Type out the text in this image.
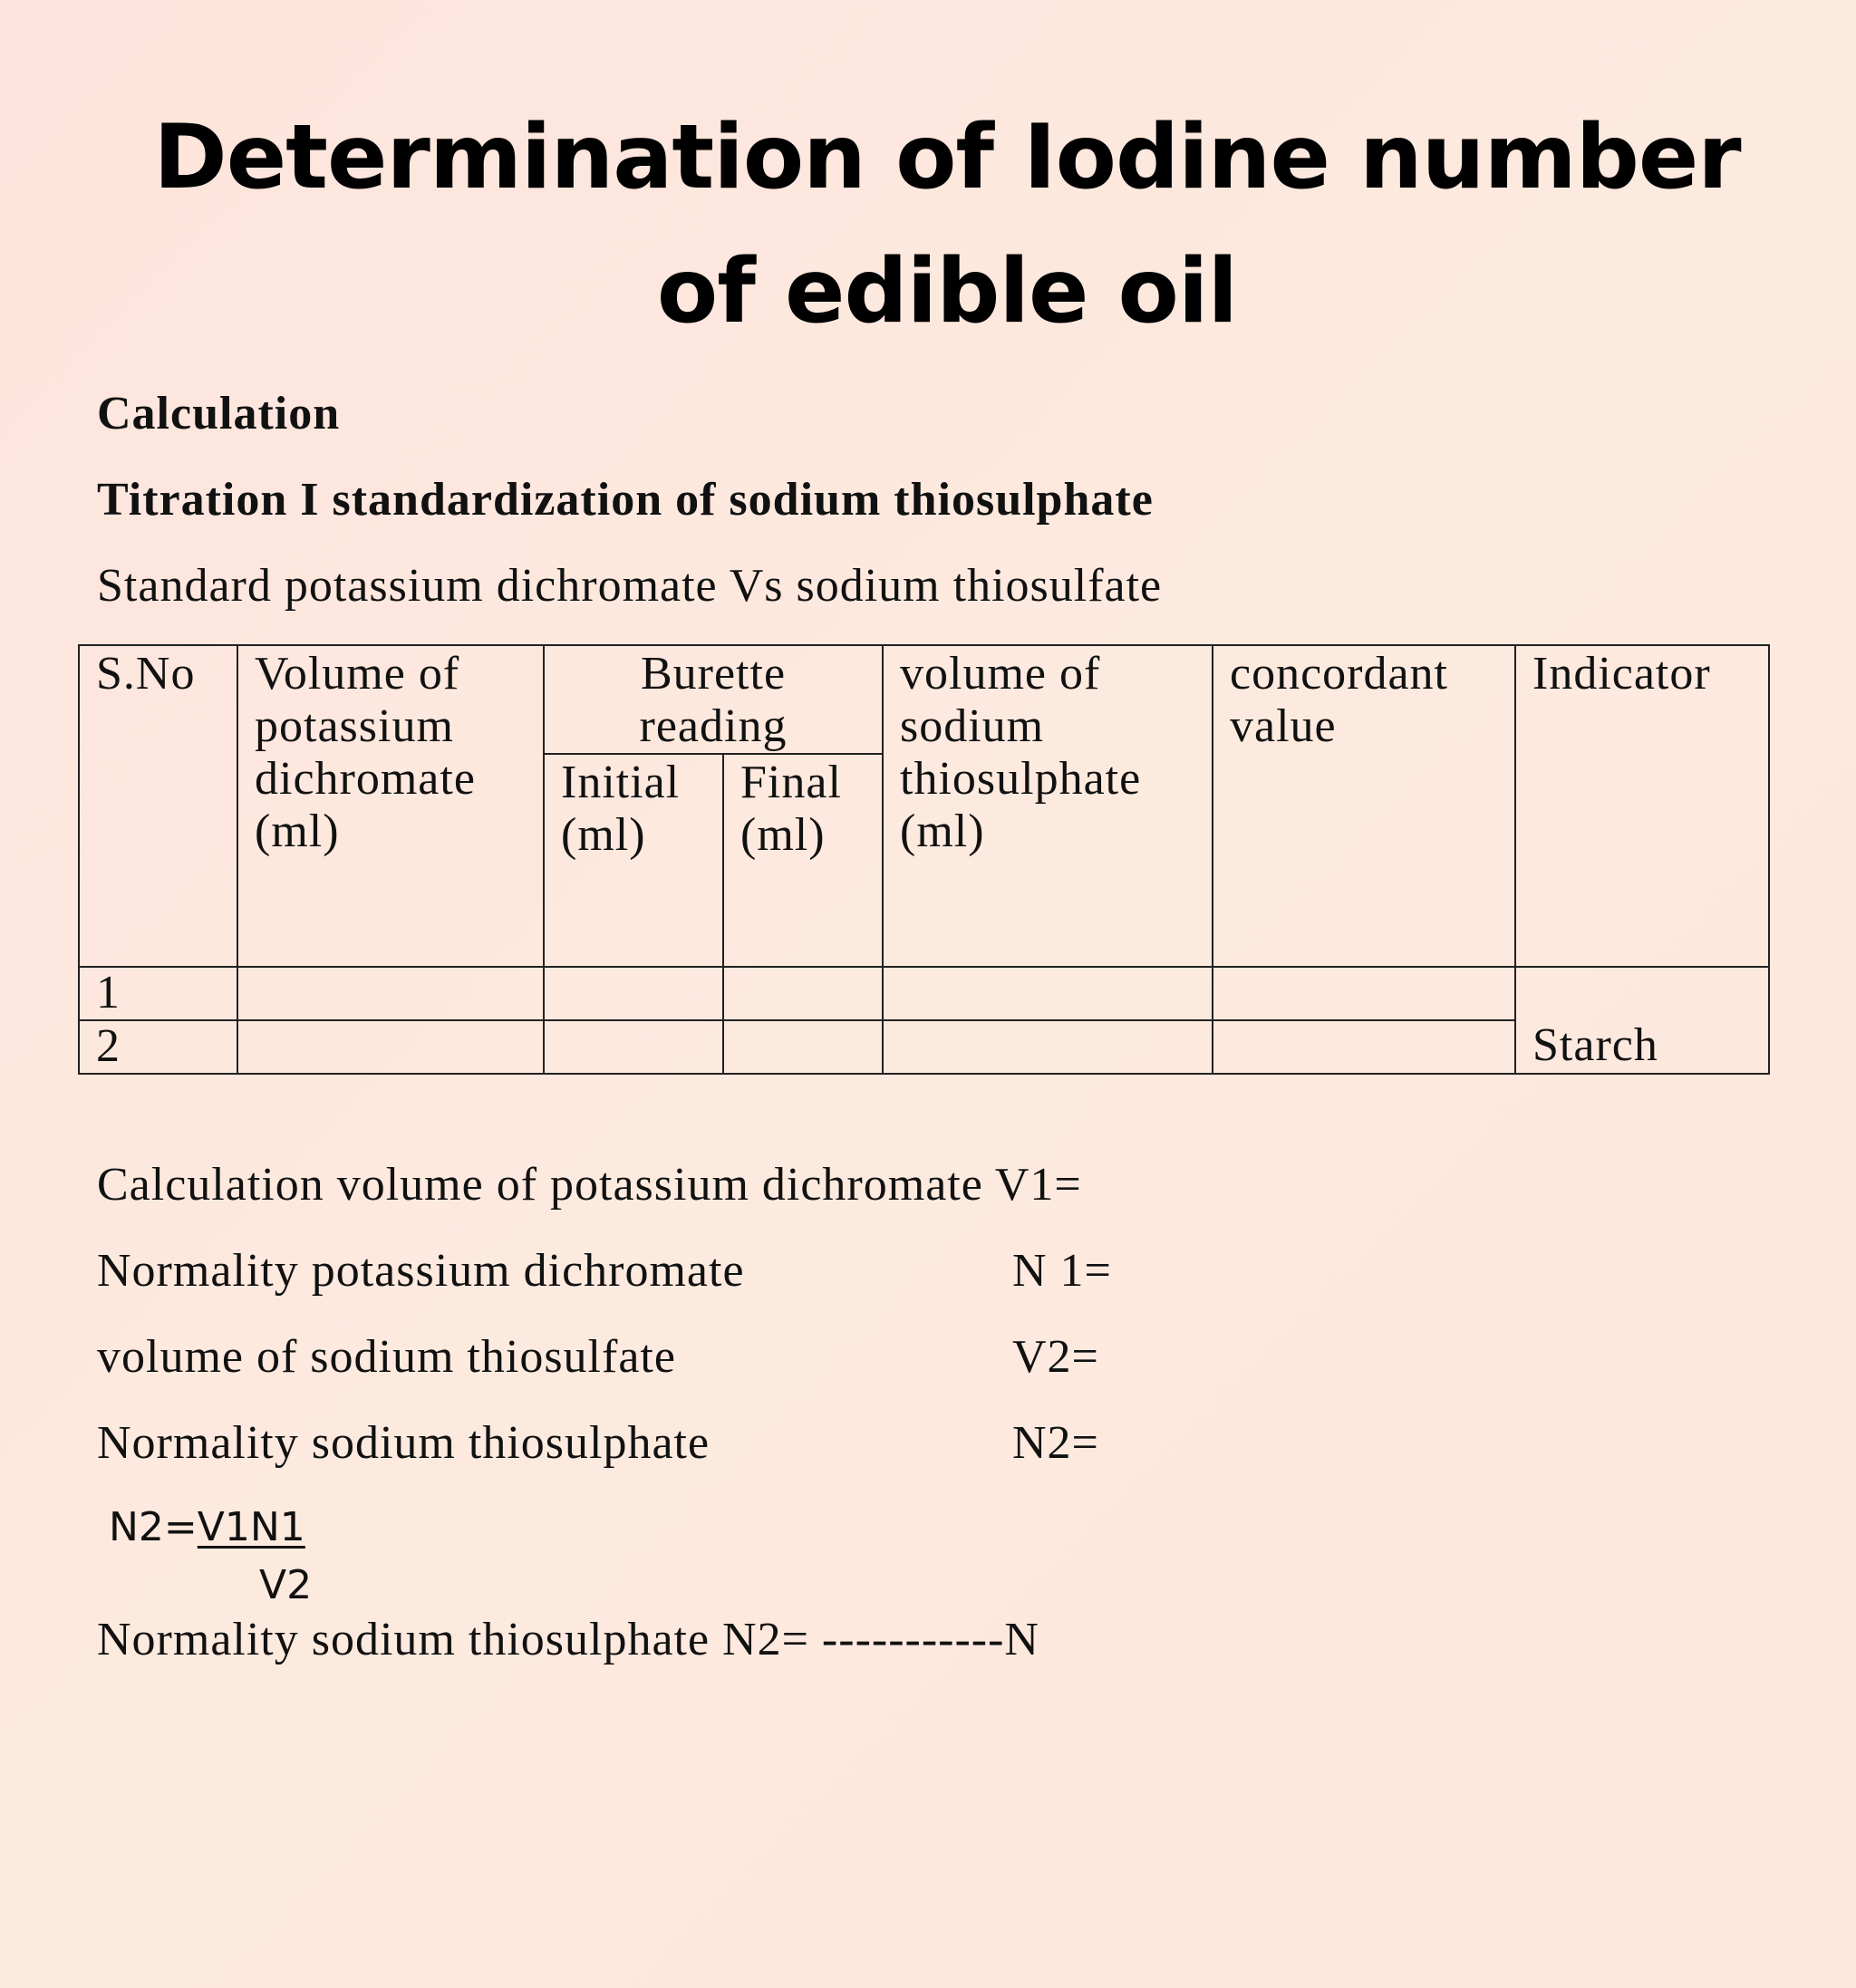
Determination of Iodine number of edible oil
Calculation
Titration I standardization of sodium thiosulphate
Standard potassium dichromate Vs sodium thiosulfate
S.No	Volume of potassium dichromate (ml)	Burette reading		volume of sodium thiosulphate (ml)	concordant value	Indicator
		Initial (ml)	Final (ml)			
1						Starch
2						
Calculation volume of potassium dichromate V1=
Normality potassium dichromate	N 1=
volume of sodium thiosulfate	V2=
Normality sodium thiosulphate	N2=
N2=V1N1
V2
Normality sodium thiosulphate N2= -----------N
